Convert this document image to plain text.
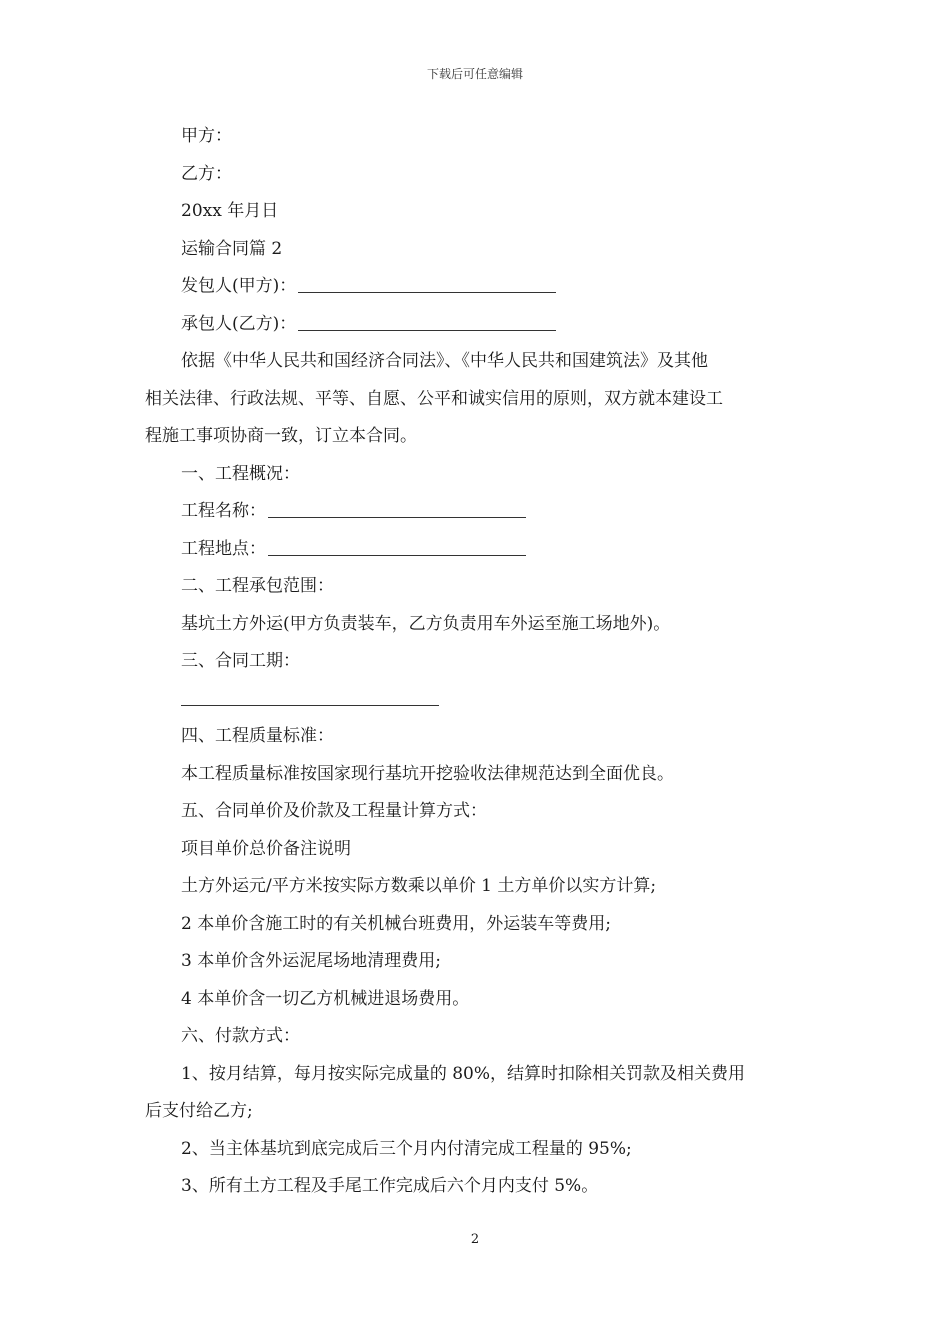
下载后可任意编辑
甲方：
乙方：
20xx 年月日
运输合同篇 2
发包人(甲方)：
承包人(乙方)：
依据《中华人民共和国经济合同法》、《中华人民共和国建筑法》及其他
相关法律、行政法规、平等、自愿、公平和诚实信用的原则，双方就本建设工
程施工事项协商一致，订立本合同。
一、工程概况：
工程名称：
工程地点：
二、工程承包范围：
基坑土方外运(甲方负责装车，乙方负责用车外运至施工场地外)。
三、合同工期：
四、工程质量标准：
本工程质量标准按国家现行基坑开挖验收法律规范达到全面优良。
五、合同单价及价款及工程量计算方式：
项目单价总价备注说明
土方外运元/平方米按实际方数乘以单价 1 土方单价以实方计算;
2 本单价含施工时的有关机械台班费用，外运装车等费用;
3 本单价含外运泥尾场地清理费用;
4 本单价含一切乙方机械进退场费用。
六、付款方式：
1、按月结算，每月按实际完成量的 80%，结算时扣除相关罚款及相关费用
后支付给乙方;
2、当主体基坑到底完成后三个月内付清完成工程量的 95%;
3、所有土方工程及手尾工作完成后六个月内支付 5%。
2
